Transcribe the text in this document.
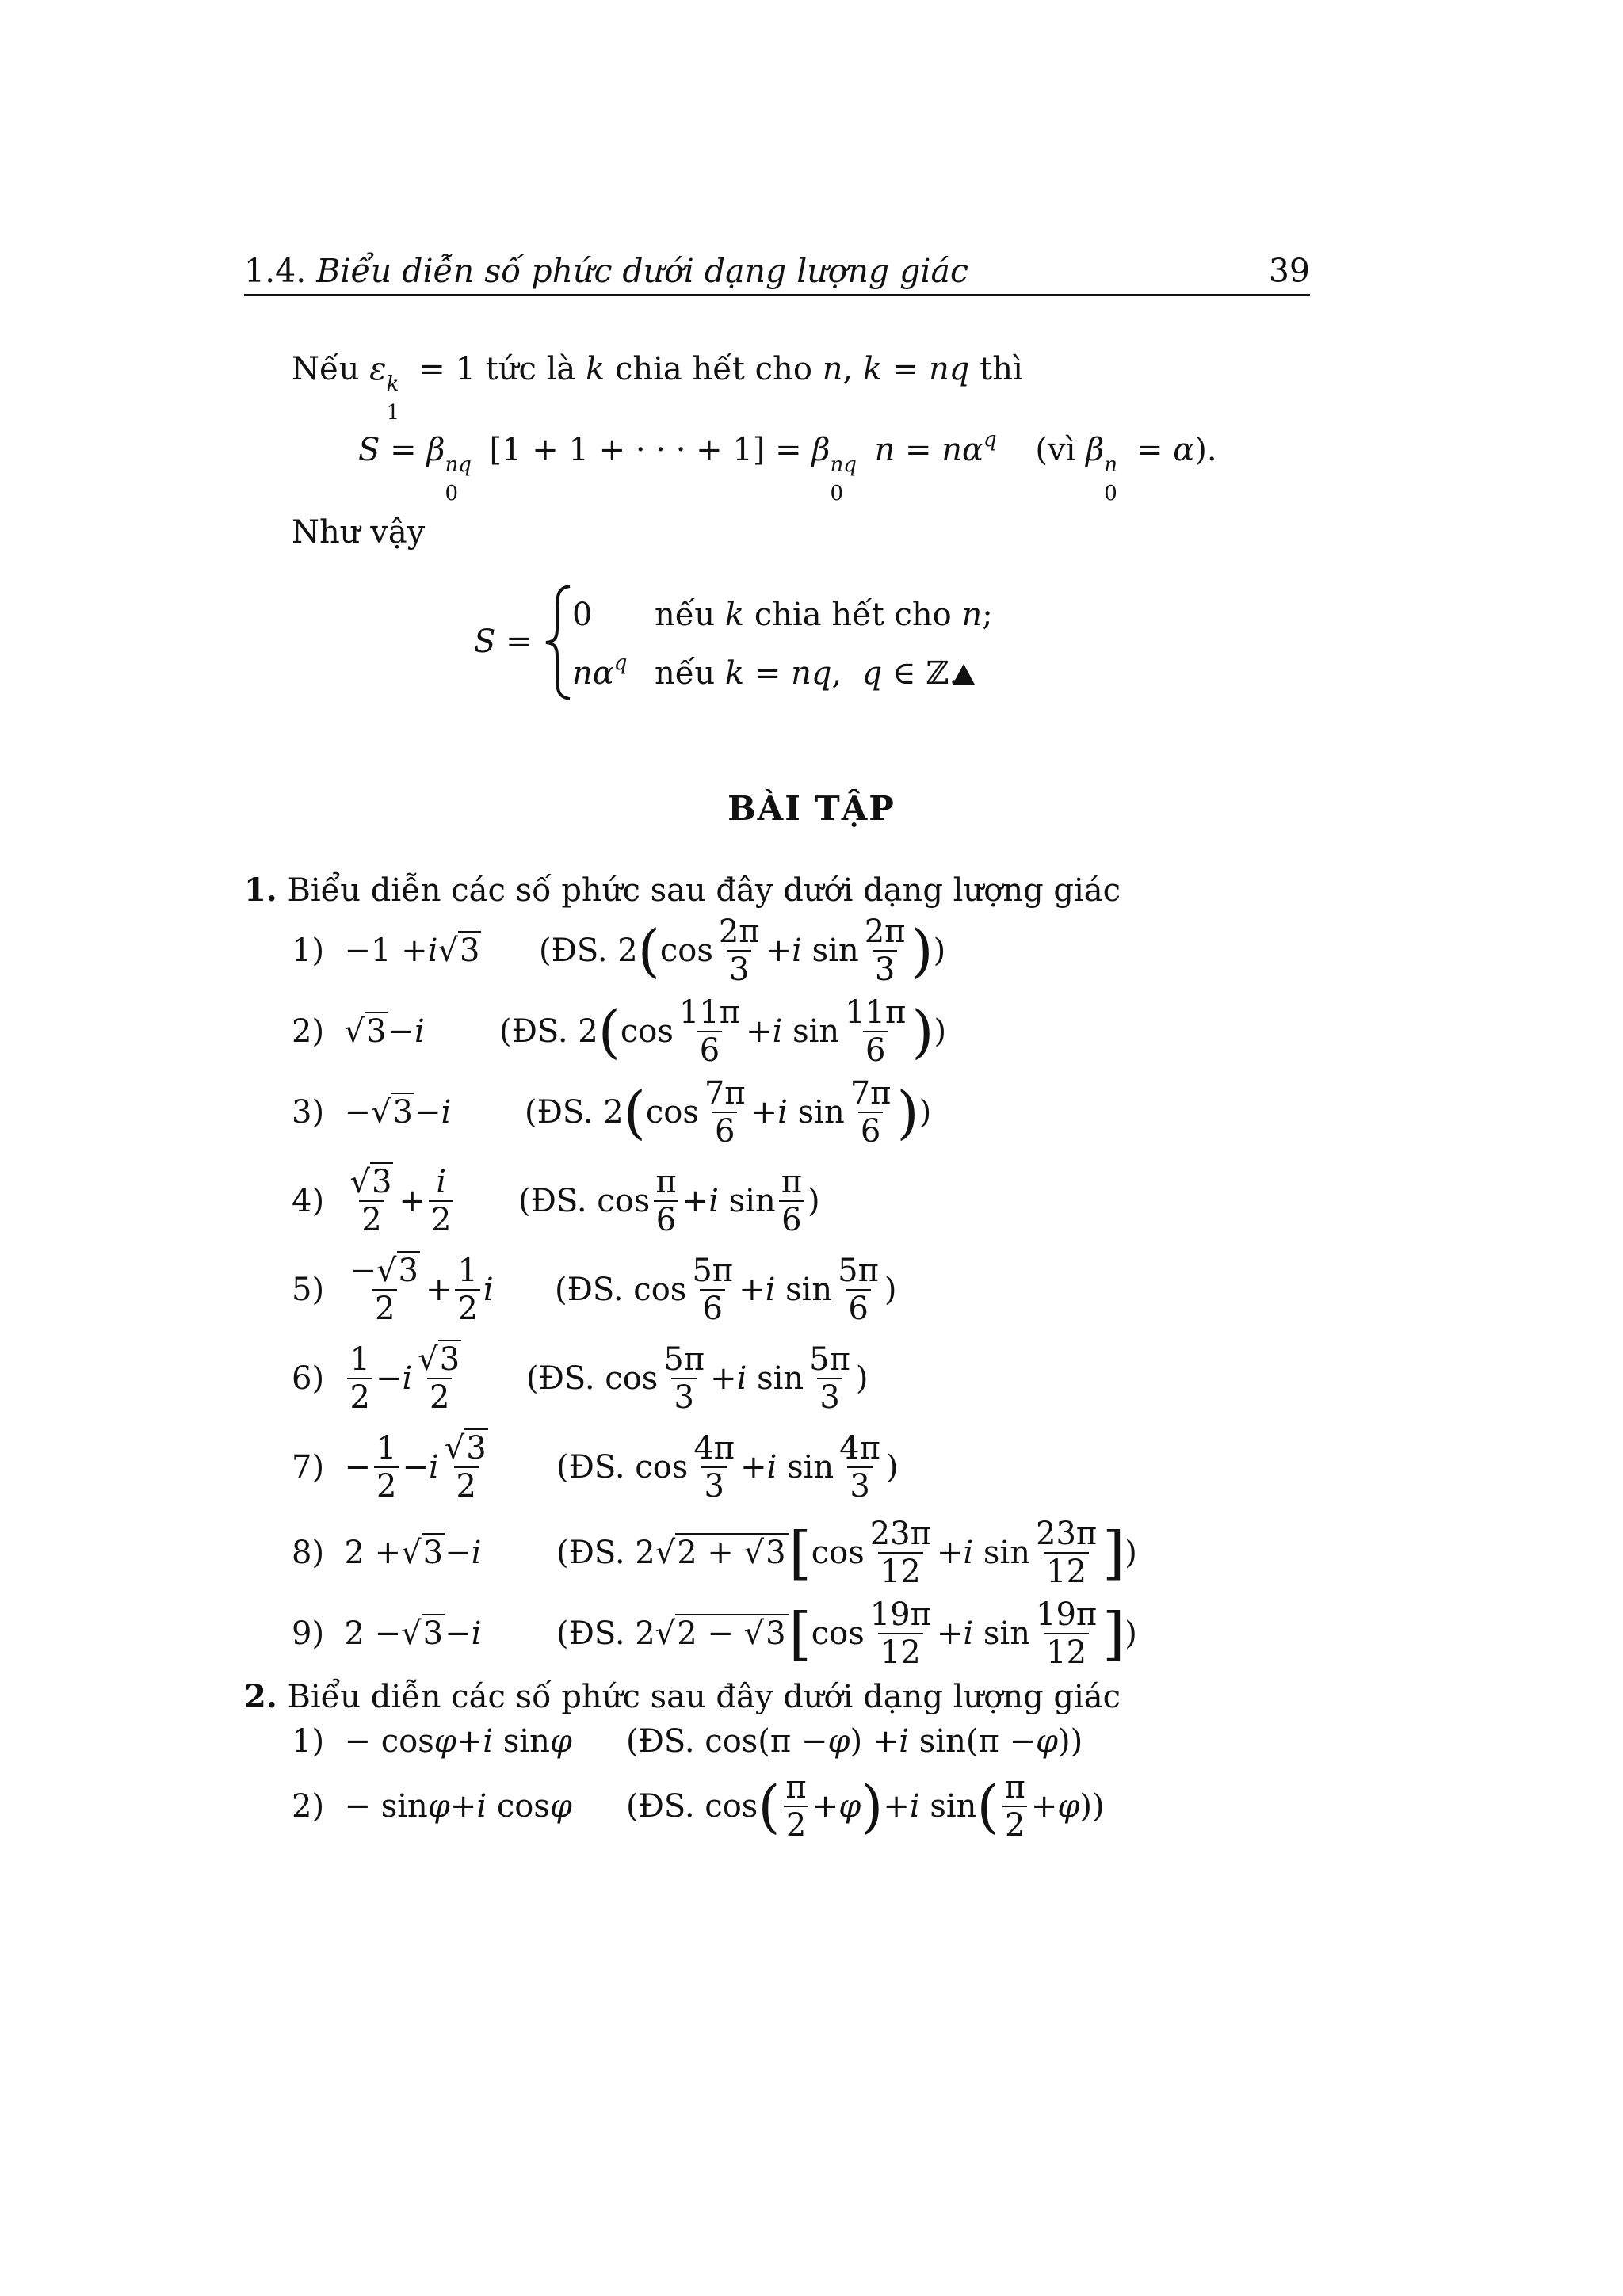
1.4. Biểu diễn số phức dưới dạng lượng giác	39
Nếu ε k
1
= 1 tức là k chia hết cho n, k = nq thì
S = β nq
0
[1 + 1 + · · · + 1] = β nq
0
$n = n\alpha^q$ (vì β n
0
= α).
Như vậy
S =
0 nếu k chia hết cho n;
$n\alpha^q$ nếu k = nq,  q ∈ ℤ.
BÀI TẬP
1. Biểu diễn các số phức sau đây dưới dạng lượng giác
1)  −1 + i √3 (ĐS. 2 ( $\cos \frac{2\pi}{3} + i$ $\sin \frac{2\pi}{3}$ ) )
2) √3 − i (ĐS. 2 ( $\cos \frac{11\pi}{6} + i$ $\sin \frac{11\pi}{6}$ ) )
3)  − √3 − i (ĐS. 2 ( $\cos \frac{7\pi}{6} + i$ $\sin \frac{7\pi}{6}$ ) )
$4) \frac{√3}{2} + \frac{i}{2}$ (ĐS. $\cos \frac{\pi}{6} + i$ $\sin \frac{\pi}{6}$ )
$5) \frac{-√3}{2} + \frac{1}{2}$ i (ĐS. $\cos \frac{5\pi}{6} + i$ $\sin \frac{5\pi}{6}$ )
$6) \frac{1}{2} - i \frac{√3}{2}$ (ĐS. $\cos \frac{5\pi}{3} + i$ $\sin \frac{5\pi}{3}$ )
$7) - \frac{1}{2} - i \frac{√3}{2}$ (ĐS. $\cos \frac{4\pi}{3} + i$ $\sin \frac{4\pi}{3}$ )
8)  2 + √3 − i (ĐS. 2 √2 + √3 [ $\cos \frac{23\pi}{12} + i$ $\sin \frac{23\pi}{12}$ ] )
9)  2 − √3 − i (ĐS. 2 √2 − √3 [ $\cos \frac{19\pi}{12} + i$ $\sin \frac{19\pi}{12}$ ] )
2. Biểu diễn các số phức sau đây dưới dạng lượng giác
1)  − cos φ + i sin φ (ĐS. cos(π − φ ) + i sin(π − φ ))
2)  − sin φ + i cos φ (ĐS. cos ( $\frac{\pi}{2} + \varphi$ ) + i sin ( $\frac{\pi}{2} + \varphi$ ))
